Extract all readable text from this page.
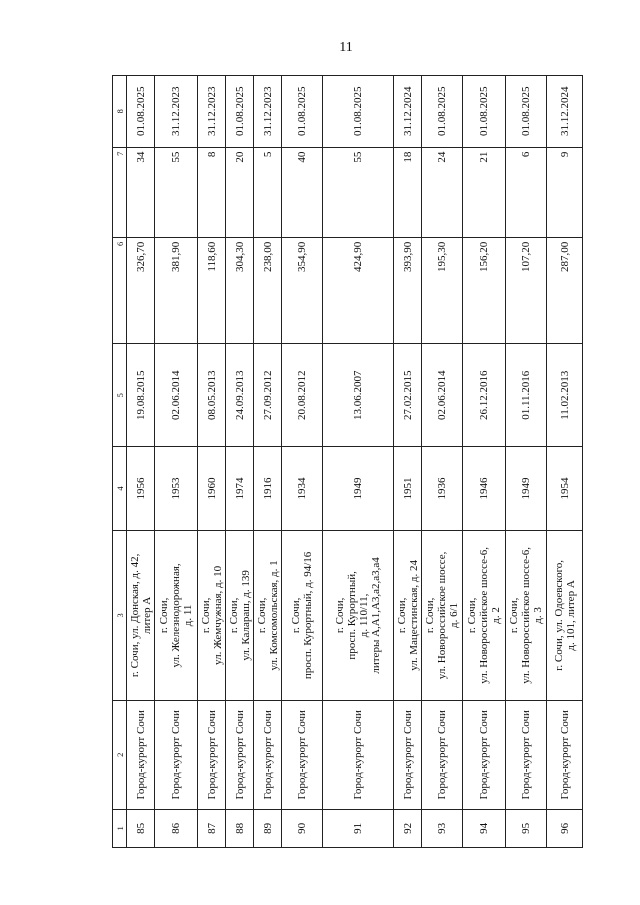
11
1	2	3	4	5	6	7	8
85	Город-курорт Сочи	г. Сочи, ул. Донская, д. 42, литер А	1956	19.08.2015	326,70	34	01.08.2025
86	Город-курорт Сочи	г. Сочи, ул. Железнодорожная, д. 11	1953	02.06.2014	381,90	55	31.12.2023
87	Город-курорт Сочи	г. Сочи, ул. Жемчужная, д. 10	1960	08.05.2013	118,60	8	31.12.2023
88	Город-курорт Сочи	г. Сочи, ул. Калараш, д. 139	1974	24.09.2013	304,30	20	01.08.2025
89	Город-курорт Сочи	г. Сочи, ул. Комсомольская, д. 1	1916	27.09.2012	238,00	5	31.12.2023
90	Город-курорт Сочи	г. Сочи, просп. Курортный, д. 94/16	1934	20.08.2012	354,90	40	01.08.2025
91	Город-курорт Сочи	г. Сочи, просп. Курортный, д. 110/11, литеры А,А1,А3,а2,а3,а4	1949	13.06.2007	424,90	55	01.08.2025
92	Город-курорт Сочи	г. Сочи, ул. Мацестинская, д. 24	1951	27.02.2015	393,90	18	31.12.2024
93	Город-курорт Сочи	г. Сочи, ул. Новороссийское шоссе, д. 6/1	1936	02.06.2014	195,30	24	01.08.2025
94	Город-курорт Сочи	г. Сочи, ул. Новороссийское шоссе-6, д. 2	1946	26.12.2016	156,20	21	01.08.2025
95	Город-курорт Сочи	г. Сочи, ул. Новороссийское шоссе-6, д. 3	1949	01.11.2016	107,20	6	01.08.2025
96	Город-курорт Сочи	г. Сочи, ул. Одоевского, д. 101, литер А	1954	11.02.2013	287,00	9	31.12.2024
